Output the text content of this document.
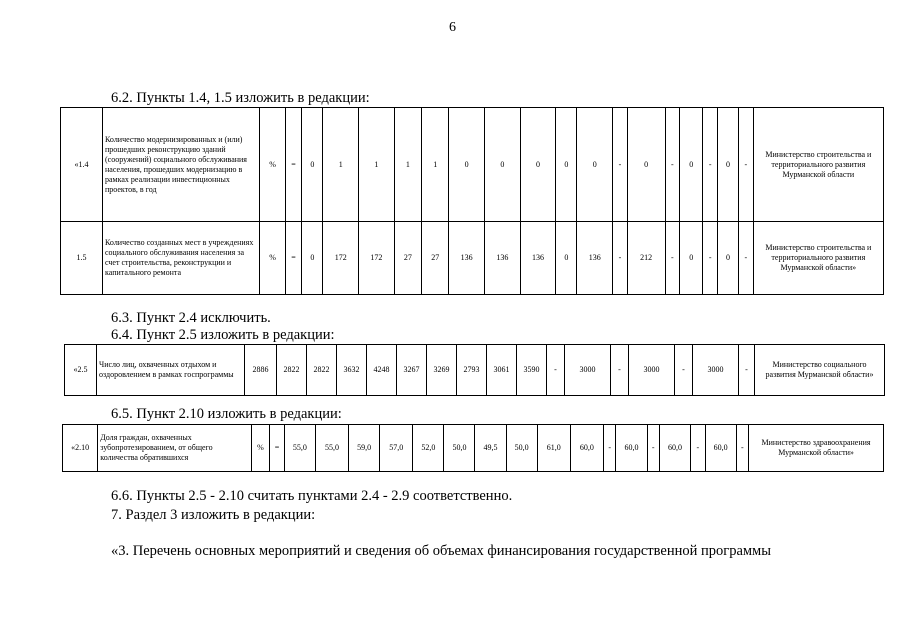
6
6.2. Пункты 1.4, 1.5 изложить в редакции:
«1.4	Количество модернизированных и (или) прошедших реконструкцию зданий (сооружений) социального обслуживания населения, прошедших модернизацию в рамках реализации инвестиционных проектов, в год	%	=	0	1	1	1	1	0	0	0	0	0	-	0	-	0	-	0	-	Министерство строительства и территориального развития Мурманской области
1.5	Количество созданных мест в учреждениях социального обслуживания населения за счет строительства, реконструкции и капитального ремонта	%	=	0	172	172	27	27	136	136	136	0	136	-	212	-	0	-	0	-	Министерство строительства и территориального развития Мурманской области»
6.3. Пункт 2.4 исключить.
6.4. Пункт 2.5 изложить в редакции:
«2.5	Число лиц, охваченных отдыхом и оздоровлением в рамках госпрограммы	2886	2822	2822	3632	4248	3267	3269	2793	3061	3590	-	3000	-	3000	-	3000	-	Министерство социального развития Мурманской области»
6.5. Пункт 2.10 изложить в редакции:
«2.10	Доля граждан, охваченных зубопротезированием, от общего количества обратившихся	%	=	55,0	55,0	59,0	57,0	52,0	50,0	49,5	50,0	61,0	60,0	-	60,0	-	60,0	-	60,0	-	Министерство здравоохранения Мурманской области»
6.6. Пункты 2.5 - 2.10 считать пунктами 2.4 - 2.9 соответственно.
7. Раздел 3 изложить в редакции:
«3. Перечень основных мероприятий и сведения об объемах финансирования государственной программы
